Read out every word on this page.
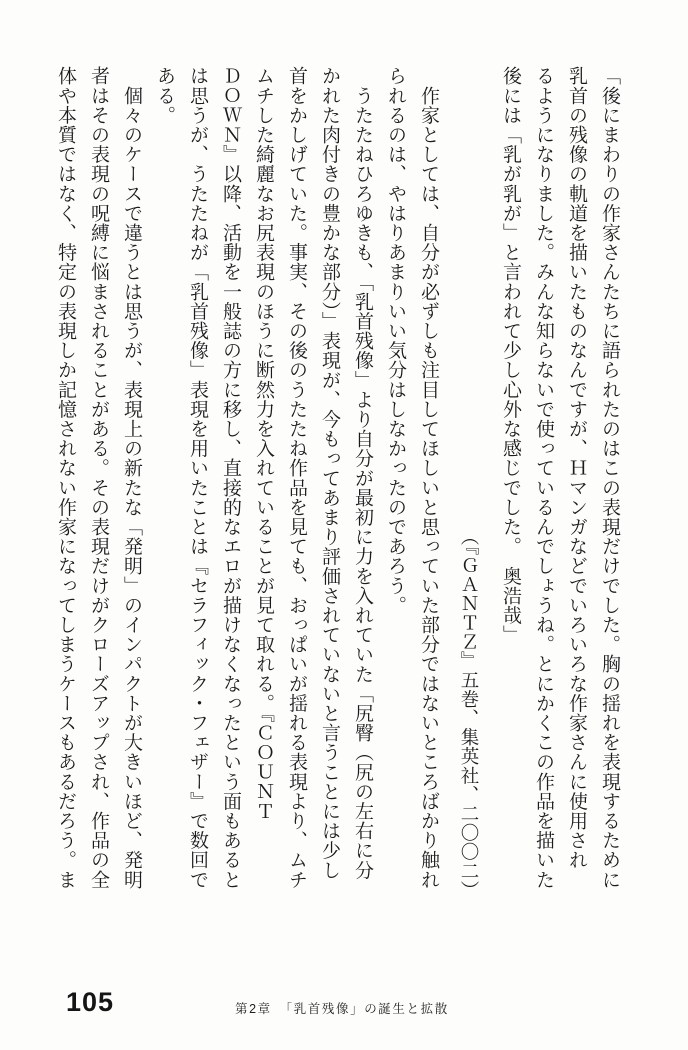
「後にまわりの作家さんたちに語られたのはこの表現だけでした。胸の揺れを表現するために
乳首の残像の軌道を描いたものなんですが、Ｈマンガなどでいろいろな作家さんに使用され
るようになりました。みんな知らないで使っているんでしょうね。とにかくこの作品を描いた
後には「乳が乳が」と言われて少し心外な感じでした。　奥浩哉」
（『ＧＡＮＴＺ』五巻、集英社、二〇〇二）
　作家としては、自分が必ずしも注目してほしいと思っていた部分ではないところばかり触れ
られるのは、やはりあまりいい気分はしなかったのであろう。
　うたたねひろゆきも、「乳首残像」より自分が最初に力を入れていた「尻臀（尻の左右に分
かれた肉付きの豊かな部分）」表現が、今もってあまり評価されていないと言うことには少し
首をかしげていた。事実、その後のうたたね作品を見ても、おっぱいが揺れる表現より、ムチ
ムチした綺麗なお尻表現のほうに断然力を入れていることが見て取れる。『ＣＯＵＮＴ
ＤＯＷＮ』以降、活動を一般誌の方に移し、直接的なエロが描けなくなったという面もあると
は思うが、うたたねが「乳首残像」表現を用いたことは『セラフィック・フェザー』で数回で
ある。
　個々のケースで違うとは思うが、表現上の新たな「発明」のインパクトが大きいほど、発明
者はその表現の呪縛に悩まされることがある。その表現だけがクローズアップされ、作品の全
体や本質ではなく、特定の表現しか記憶されない作家になってしまうケースもあるだろう。ま
105	第2章　「乳首残像」の誕生と拡散
